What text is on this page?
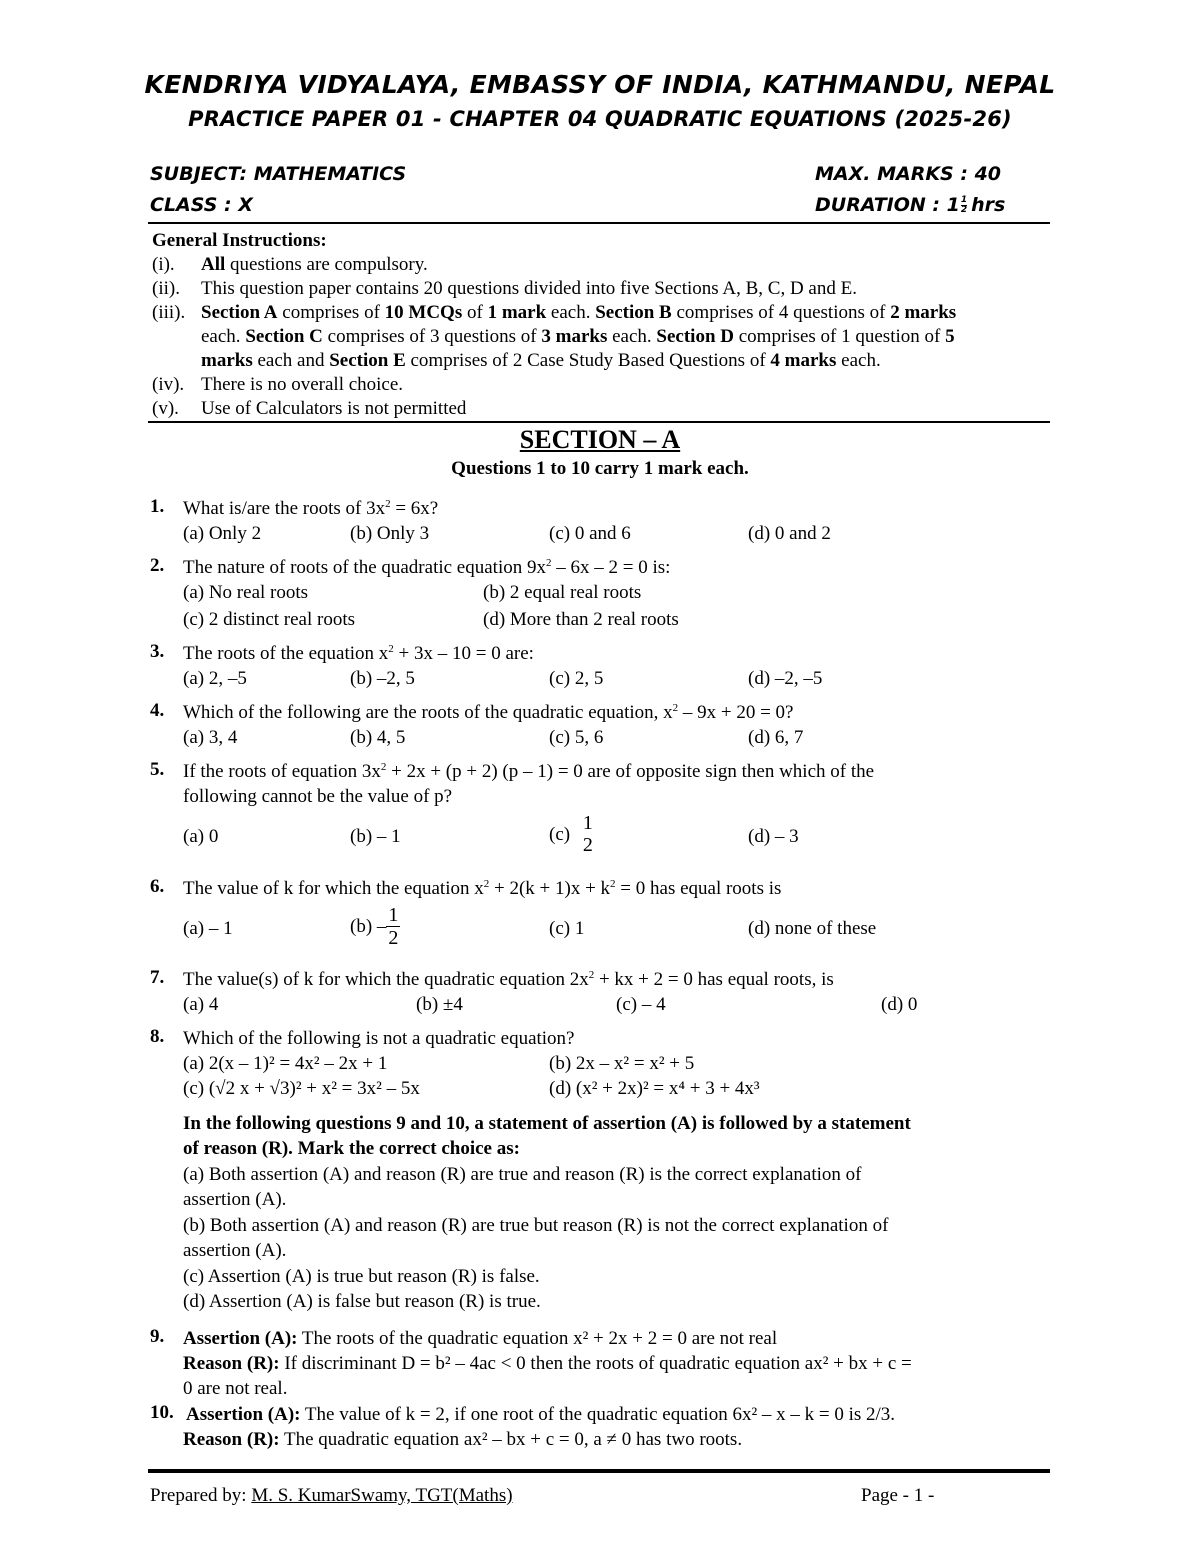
KENDRIYA VIDYALAYA, EMBASSY OF INDIA, KATHMANDU, NEPAL
PRACTICE PAPER 01 - CHAPTER 04 QUADRATIC EQUATIONS (2025-26)
SUBJECT: MATHEMATICS	MAX. MARKS : 40
CLASS : X	DURATION : $1 \frac{1}{2}$ hrs
General Instructions:
(i). All questions are compulsory.
(ii). This question paper contains 20 questions divided into five Sections A, B, C, D and E.
(iii). Section A comprises of 10 MCQs of 1 mark each. Section B comprises of 4 questions of 2 marks
each. Section C comprises of 3 questions of 3 marks each. Section D comprises of 1 question of 5
marks each and Section E comprises of 2 Case Study Based Questions of 4 marks each.
(iv). There is no overall choice.
(v). Use of Calculators is not permitted
SECTION – A
Questions 1 to 10 carry 1 mark each.
1. What is/are the roots of $3x^2 = 6x$?
(a) Only 2	(b) Only 3	(c) 0 and 6	(d) 0 and 2
2. The nature of roots of the quadratic equation $9x^2 - 6x - 2 = 0$ is:
(a) No real roots	(b) 2 equal real roots
(c) 2 distinct real roots	(d) More than 2 real roots
3. The roots of the equation $x^2 + 3x - 10 = 0$ are:
(a) 2, –5	(b) –2, 5	(c) 2, 5	(d) –2, –5
4. Which of the following are the roots of the quadratic equation, $x^2 - 9x + 20 = 0$?
(a) 3, 4	(b) 4, 5	(c) 5, 6	(d) 6, 7
5. If the roots of equation $3x^2 + 2x + (p + 2)$ (p – 1) = 0 are of opposite sign then which of the
following cannot be the value of p?
(a) 0	(b) – 1	(c) 1
2	(d) – 3
6. The value of k for which the equation $x^2 + 2(k + 1)x + k^2 = 0$ has equal roots is
(a) – 1	$(b) - \frac{1}{2}$	(c) 1	(d) none of these
7. The value(s) of k for which the quadratic equation $2x^2$ + kx + 2 = 0 has equal roots, is
(a) 4	(b) ±4	(c) – 4	(d) 0
8. Which of the following is not a quadratic equation?
(a) 2(x – 1)² = 4x² – 2x + 1	(b) 2x – x² = x² + 5
(c) (√2 x + √3)² + x² = 3x² – 5x	(d) (x² + 2x)² = x⁴ + 3 + 4x³
In the following questions 9 and 10, a statement of assertion (A) is followed by a statement
of reason (R). Mark the correct choice as:
(a) Both assertion (A) and reason (R) are true and reason (R) is the correct explanation of
assertion (A).
(b) Both assertion (A) and reason (R) are true but reason (R) is not the correct explanation of
assertion (A).
(c) Assertion (A) is true but reason (R) is false.
(d) Assertion (A) is false but reason (R) is true.
9. Assertion (A): The roots of the quadratic equation x² + 2x + 2 = 0 are not real
Reason (R): If discriminant D = b² – 4ac < 0 then the roots of quadratic equation ax² + bx + c =
0 are not real.
10. Assertion (A): The value of k = 2, if one root of the quadratic equation 6x² – x – k = 0 is 2/3.
Reason (R): The quadratic equation ax² – bx + c = 0, a ≠ 0 has two roots.
Prepared by: M. S. KumarSwamy, TGT(Maths)	Page - 1 -
